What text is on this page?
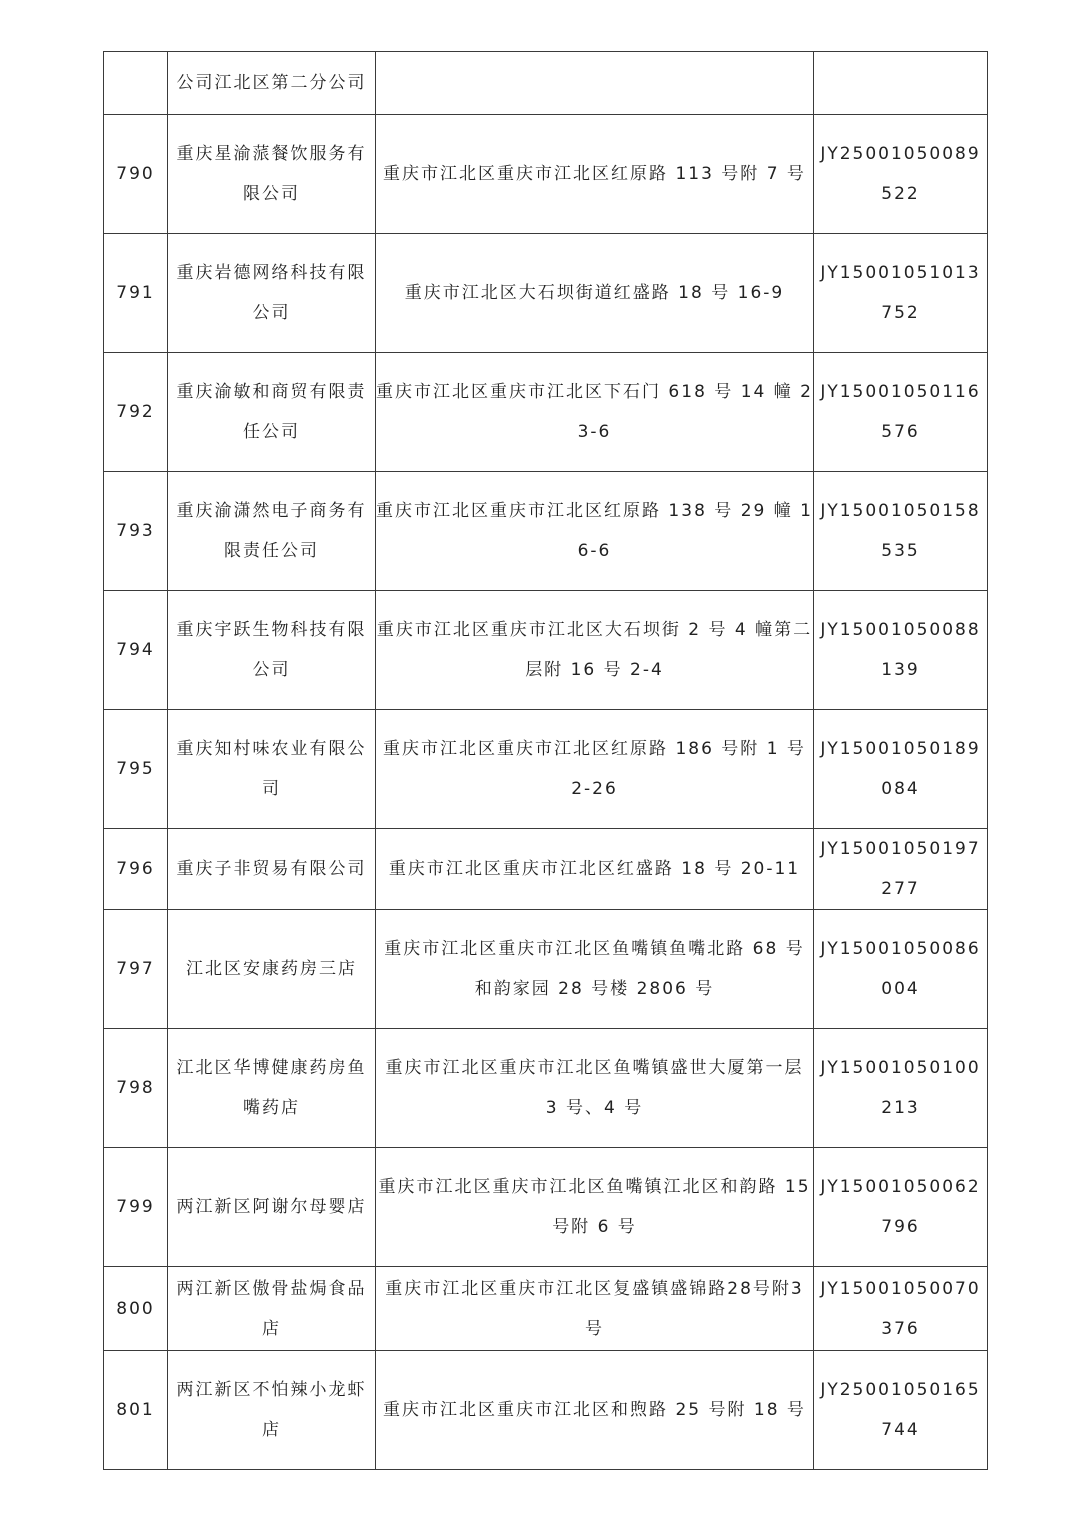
	公司江北区第二分公司		
790	重庆星渝蒎餐饮服务有限公司	重庆市江北区重庆市江北区红原路 113 号附 7 号	JY25001050089522
791	重庆岩德网络科技有限公司	重庆市江北区大石坝街道红盛路 18 号 16-9	JY15001051013752
792	重庆渝敏和商贸有限责任公司	重庆市江北区重庆市江北区下石门 618 号 14 幢 23-6	JY15001050116576
793	重庆渝潇然电子商务有限责任公司	重庆市江北区重庆市江北区红原路 138 号 29 幢 16-6	JY15001050158535
794	重庆宇跃生物科技有限公司	重庆市江北区重庆市江北区大石坝街 2 号 4 幢第二层附 16 号 2-4	JY15001050088139
795	重庆知村味农业有限公司	重庆市江北区重庆市江北区红原路 186 号附 1 号 2-26	JY15001050189084
796	重庆子非贸易有限公司	重庆市江北区重庆市江北区红盛路 18 号 20-11	JY15001050197277
797	江北区安康药房三店	重庆市江北区重庆市江北区鱼嘴镇鱼嘴北路 68 号和韵家园 28 号楼 2806 号	JY15001050086004
798	江北区华博健康药房鱼嘴药店	重庆市江北区重庆市江北区鱼嘴镇盛世大厦第一层 3 号、4 号	JY15001050100213
799	两江新区阿谢尔母婴店	重庆市江北区重庆市江北区鱼嘴镇江北区和韵路 15 号附 6 号	JY15001050062796
800	两江新区傲骨盐焗食品店	重庆市江北区重庆市江北区复盛镇盛锦路28号附3号	JY15001050070376
801	两江新区不怕辣小龙虾店	重庆市江北区重庆市江北区和煦路 25 号附 18 号	JY25001050165744
